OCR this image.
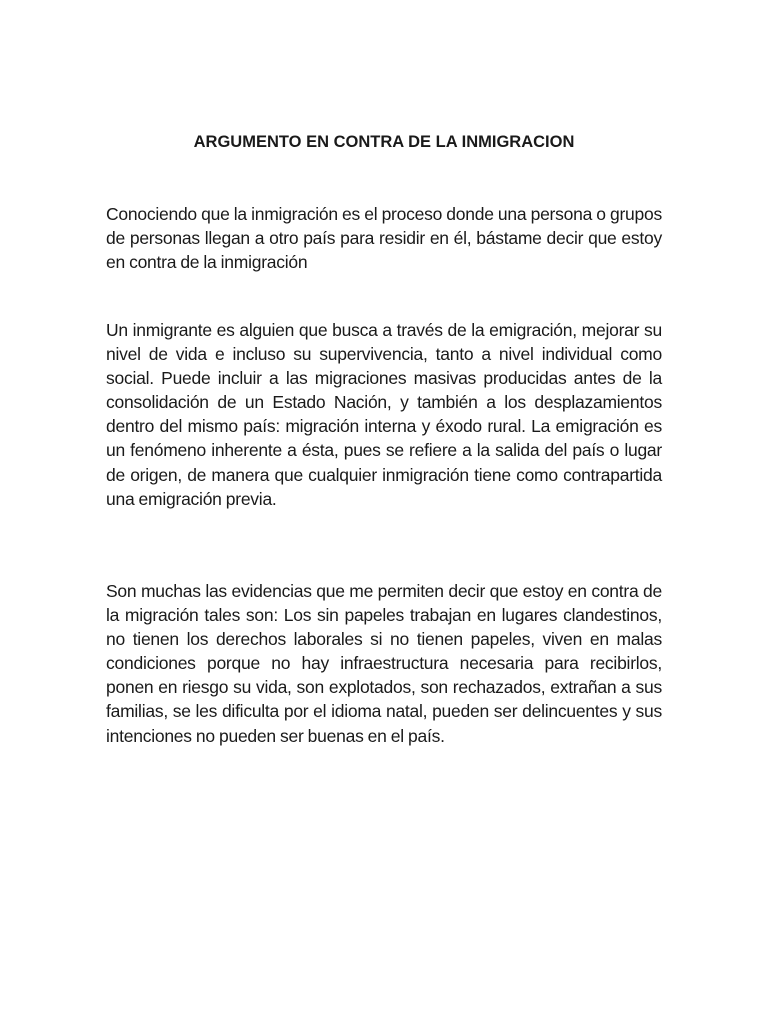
ARGUMENTO EN CONTRA DE LA INMIGRACION

Conociendo que la inmigración es el proceso donde una persona o grupos de personas llegan a otro país para residir en él, bástame decir que estoy en contra de la inmigración

Un inmigrante es alguien que busca a través de la emigración, mejorar su nivel de vida e incluso su supervivencia, tanto a nivel individual como social. Puede incluir a las migraciones masivas producidas antes de la consolidación de un Estado Nación, y también a los desplazamientos dentro del mismo país: migración interna y éxodo rural. La emigración es un fenómeno inherente a ésta, pues se refiere a la salida del país o lugar de origen, de manera que cualquier inmigración tiene como contrapartida una emigración previa.

Son muchas las evidencias que me permiten decir que estoy en contra de la migración tales son: Los sin papeles trabajan en lugares clandestinos, no tienen los derechos laborales si no tienen papeles, viven en malas condiciones porque no hay infraestructura necesaria para recibirlos, ponen en riesgo su vida, son explotados, son rechazados, extrañan a sus familias, se les dificulta por el idioma natal, pueden ser delincuentes y sus intenciones no pueden ser buenas en el país.
